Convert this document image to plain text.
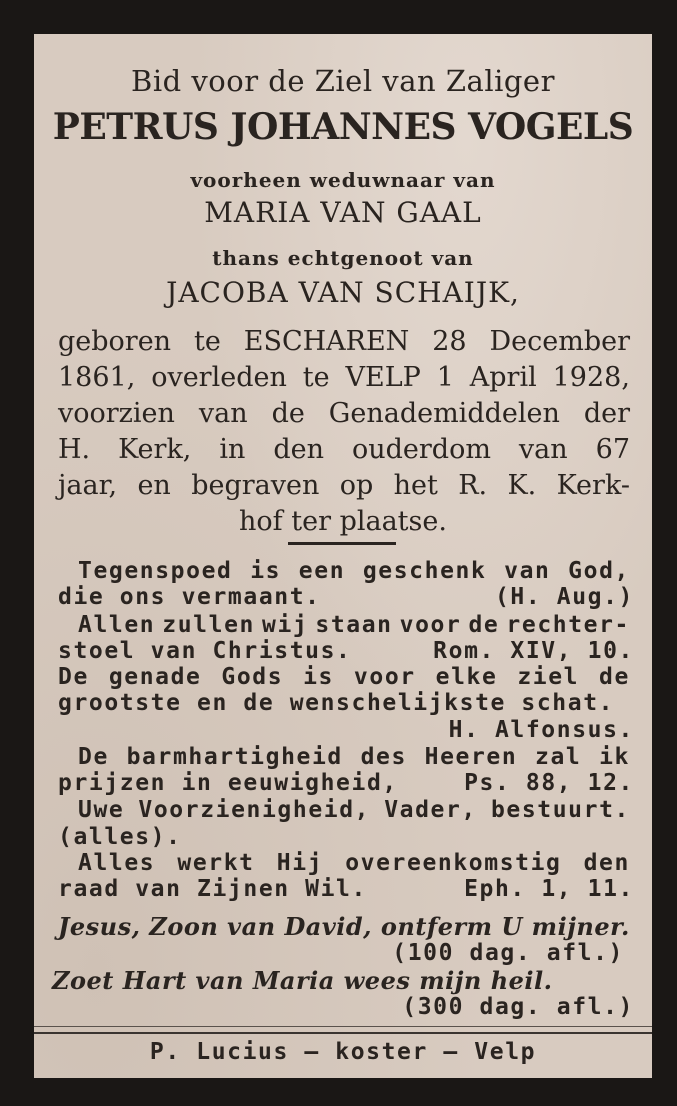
Bid voor de Ziel van Zaliger
PETRUS JOHANNES VOGELS
voorheen weduwnaar van
MARIA VAN GAAL
thans echtgenoot van
JACOBA VAN SCHAIJK,
geboren te ESCHAREN 28 December
1861, overleden te VELP 1 April 1928,
voorzien van de Genademiddelen der
H. Kerk, in den ouderdom van 67
jaar, en begraven op het R. K. Kerk-
hof ter plaatse.
Tegenspoed is een geschenk van God,
die ons vermaant.	(H. Aug.)
Allen zullen wij staan voor de rechter-
stoel van Christus.	Rom. XIV, 10.
De genade Gods is voor elke ziel de
grootste en de wenschelijkste schat.
H. Alfonsus.
De barmhartigheid des Heeren zal ik
prijzen in eeuwigheid,	Ps. 88, 12.
Uwe Voorzienigheid, Vader, bestuurt.
(alles).
Alles werkt Hij overeenkomstig den
raad van Zijnen Wil.	Eph. 1, 11.
Jesus, Zoon van David, ontferm U mijner.
(100 dag. afl.)
Zoet Hart van Maria wees mijn heil.
(300 dag. afl.)
P. Lucius — koster — Velp
